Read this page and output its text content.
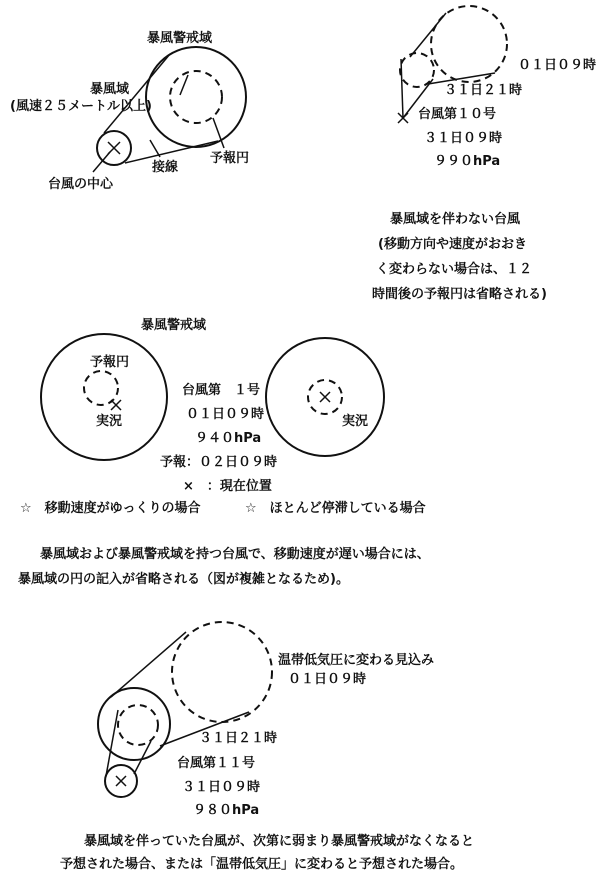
暴風警戒域
暴風域
(風速２５メートル以上)
接線
予報円
台風の中心
０１日０９時
３１日２１時
台風第１０号
３１日０９時
９９０hPa
暴風域を伴わない台風
(移動方向や速度がおおき
く変わらない場合は、１２
時間後の予報円は省略される)
暴風警戒域
予報円
実況	実況
台風第　１号
０１日０９時
９４０hPa
予報：０２日０９時
×　：現在位置
☆　移動速度がゆっくりの場合	☆　ほとんど停滞している場合
暴風域および暴風警戒域を持つ台風で、移動速度が遅い場合には、
暴風域の円の記入が省略される（図が複雑となるため)。
温帯低気圧に変わる見込み
０１日０９時
３１日２１時
台風第１１号
３１日０９時
９８０hPa
暴風域を伴っていた台風が、次第に弱まり暴風警戒域がなくなると
予想された場合、または「温帯低気圧」に変わると予想された場合。
